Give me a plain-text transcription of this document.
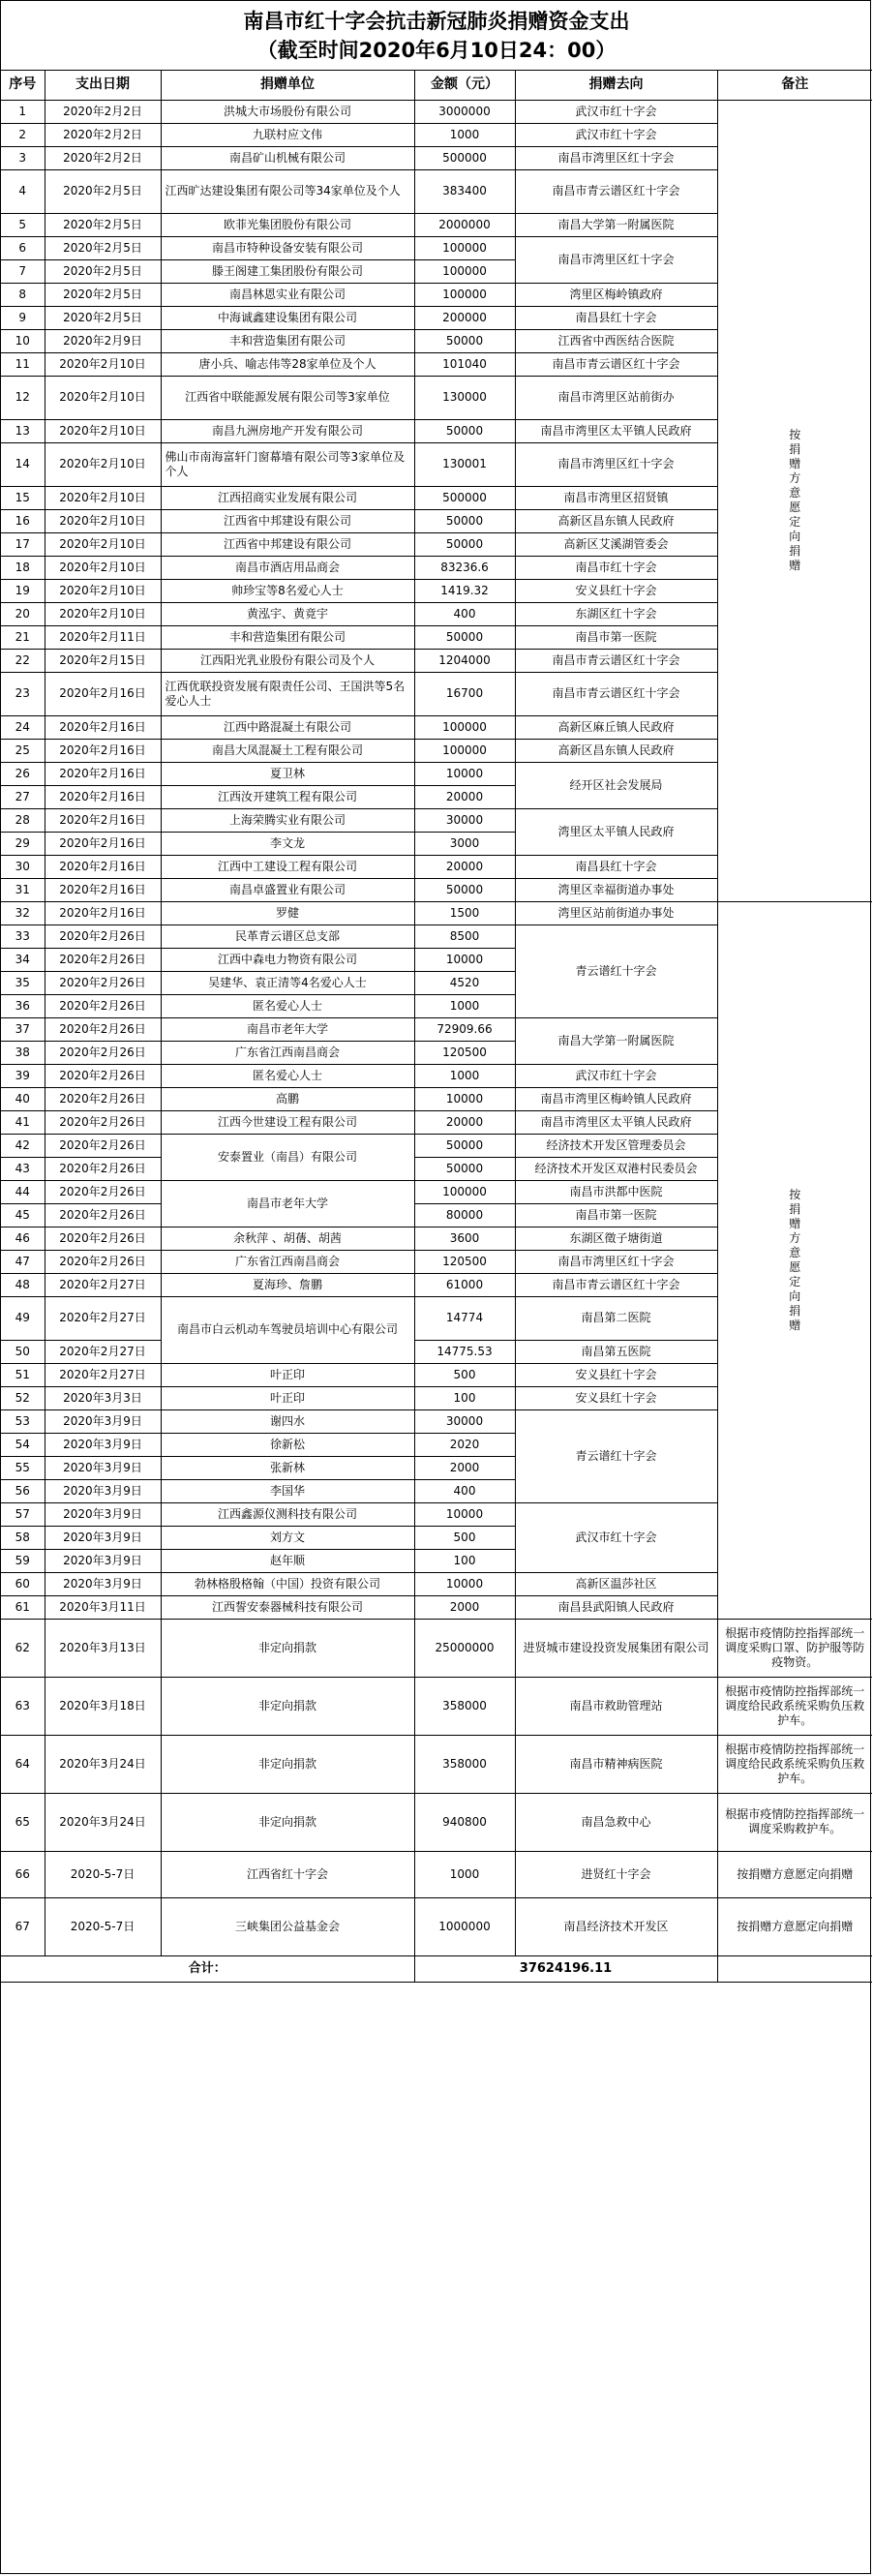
南昌市红十字会抗击新冠肺炎捐赠资金支出
（截至时间2020年6月10日24：00）
序号	支出日期	捐赠单位	金额（元）	捐赠去向	备注
1	2020年2月2日	洪城大市场股份有限公司	3000000	武汉市红十字会	按捐赠方意愿定向捐赠

2	2020年2月2日	九联村应文伟	1000	武汉市红十字会	
3	2020年2月2日	南昌矿山机械有限公司	500000	南昌市湾里区红十字会	
4	2020年2月5日	江西旷达建设集团有限公司等34家单位及个人	383400	南昌市青云谱区红十字会	
5	2020年2月5日	欧菲光集团股份有限公司	2000000	南昌大学第一附属医院	
6	2020年2月5日	南昌市特种设备安装有限公司	100000	南昌市湾里区红十字会	
7	2020年2月5日	滕王阁建工集团股份有限公司	100000		
8	2020年2月5日	南昌林恩实业有限公司	100000	湾里区梅岭镇政府	
9	2020年2月5日	中海诚鑫建设集团有限公司	200000	南昌县红十字会	
10	2020年2月9日	丰和营造集团有限公司	50000	江西省中西医结合医院	
11	2020年2月10日	唐小兵、喻志伟等28家单位及个人	101040	南昌市青云谱区红十字会	
12	2020年2月10日	江西省中联能源发展有限公司等3家单位	130000	南昌市湾里区站前街办	
13	2020年2月10日	南昌九洲房地产开发有限公司	50000	南昌市湾里区太平镇人民政府	
14	2020年2月10日	佛山市南海富轩门窗幕墙有限公司等3家单位及个人	130001	南昌市湾里区红十字会	
15	2020年2月10日	江西招商实业发展有限公司	500000	南昌市湾里区招贤镇	
16	2020年2月10日	江西省中邦建设有限公司	50000	高新区昌东镇人民政府	
17	2020年2月10日	江西省中邦建设有限公司	50000	高新区艾溪湖管委会	
18	2020年2月10日	南昌市酒店用品商会	83236.6	南昌市红十字会	
19	2020年2月10日	帅珍宝等8名爱心人士	1419.32	安义县红十字会	
20	2020年2月10日	黄泓宇、黄竟宇	400	东湖区红十字会	
21	2020年2月11日	丰和营造集团有限公司	50000	南昌市第一医院	
22	2020年2月15日	江西阳光乳业股份有限公司及个人	1204000	南昌市青云谱区红十字会	
23	2020年2月16日	江西优联投资发展有限责任公司、王国洪等5名爱心人士	16700	南昌市青云谱区红十字会	
24	2020年2月16日	江西中路混凝土有限公司	100000	高新区麻丘镇人民政府	
25	2020年2月16日	南昌大凤混凝土工程有限公司	100000	高新区昌东镇人民政府	
26	2020年2月16日	夏卫林	10000	经开区社会发展局	
27	2020年2月16日	江西汝开建筑工程有限公司	20000		
28	2020年2月16日	上海荣腾实业有限公司	30000	湾里区太平镇人民政府	
29	2020年2月16日	李文龙	3000		
30	2020年2月16日	江西中工建设工程有限公司	20000	南昌县红十字会	
31	2020年2月16日	南昌卓盛置业有限公司	50000	湾里区幸福街道办事处	
32	2020年2月16日	罗健	1500	湾里区站前街道办事处	按捐赠方意愿定向捐赠

33	2020年2月26日	民革青云谱区总支部	8500	青云谱红十字会	
34	2020年2月26日	江西中森电力物资有限公司	10000		
35	2020年2月26日	吴建华、袁正清等4名爱心人士	4520		
36	2020年2月26日	匿名爱心人士	1000		
37	2020年2月26日	南昌市老年大学	72909.66	南昌大学第一附属医院	
38	2020年2月26日	广东省江西南昌商会	120500		
39	2020年2月26日	匿名爱心人士	1000	武汉市红十字会	
40	2020年2月26日	高鹏	10000	南昌市湾里区梅岭镇人民政府	
41	2020年2月26日	江西今世建设工程有限公司	20000	南昌市湾里区太平镇人民政府	
42	2020年2月26日	安泰置业（南昌）有限公司	50000	经济技术开发区管理委员会	
43	2020年2月26日		50000	经济技术开发区双港村民委员会	
44	2020年2月26日	南昌市老年大学	100000	南昌市洪都中医院	
45	2020年2月26日		80000	南昌市第一医院	
46	2020年2月26日	余秋萍 、胡蒨、胡茜	3600	东湖区徵子塘街道	
47	2020年2月26日	广东省江西南昌商会	120500	南昌市湾里区红十字会	
48	2020年2月27日	夏海珍、詹鹏	61000	南昌市青云谱区红十字会	
49	2020年2月27日	南昌市白云机动车驾驶员培训中心有限公司	14774	南昌第二医院	
50	2020年2月27日		14775.53	南昌第五医院	
51	2020年2月27日	叶正印	500	安义县红十字会	
52	2020年3月3日	叶正印	100	安义县红十字会	
53	2020年3月9日	谢四水	30000	青云谱红十字会	
54	2020年3月9日	徐新松	2020		
55	2020年3月9日	张新林	2000		
56	2020年3月9日	李国华	400		
57	2020年3月9日	江西鑫源仪测科技有限公司	10000	武汉市红十字会	
58	2020年3月9日	刘方文	500		
59	2020年3月9日	赵年顺	100		
60	2020年3月9日	勃林格殷格翰（中国）投资有限公司	10000	高新区温莎社区	
61	2020年3月11日	江西誓安泰器械科技有限公司	2000	南昌县武阳镇人民政府	
62	2020年3月13日	非定向捐款	25000000	进贤城市建设投资发展集团有限公司	根据市疫情防控指挥部统一调度采购口罩、防护服等防疫物资。
63	2020年3月18日	非定向捐款	358000	南昌市救助管理站	根据市疫情防控指挥部统一调度给民政系统采购负压救护车。
64	2020年3月24日	非定向捐款	358000	南昌市精神病医院	根据市疫情防控指挥部统一调度给民政系统采购负压救护车。
65	2020年3月24日	非定向捐款	940800	南昌急救中心	根据市疫情防控指挥部统一调度采购救护车。
66	2020-5-7日	江西省红十字会	1000	进贤红十字会	按捐赠方意愿定向捐赠
67	2020-5-7日	三峡集团公益基金会	1000000	南昌经济技术开发区	按捐赠方意愿定向捐赠
合计：			37624196.11		
